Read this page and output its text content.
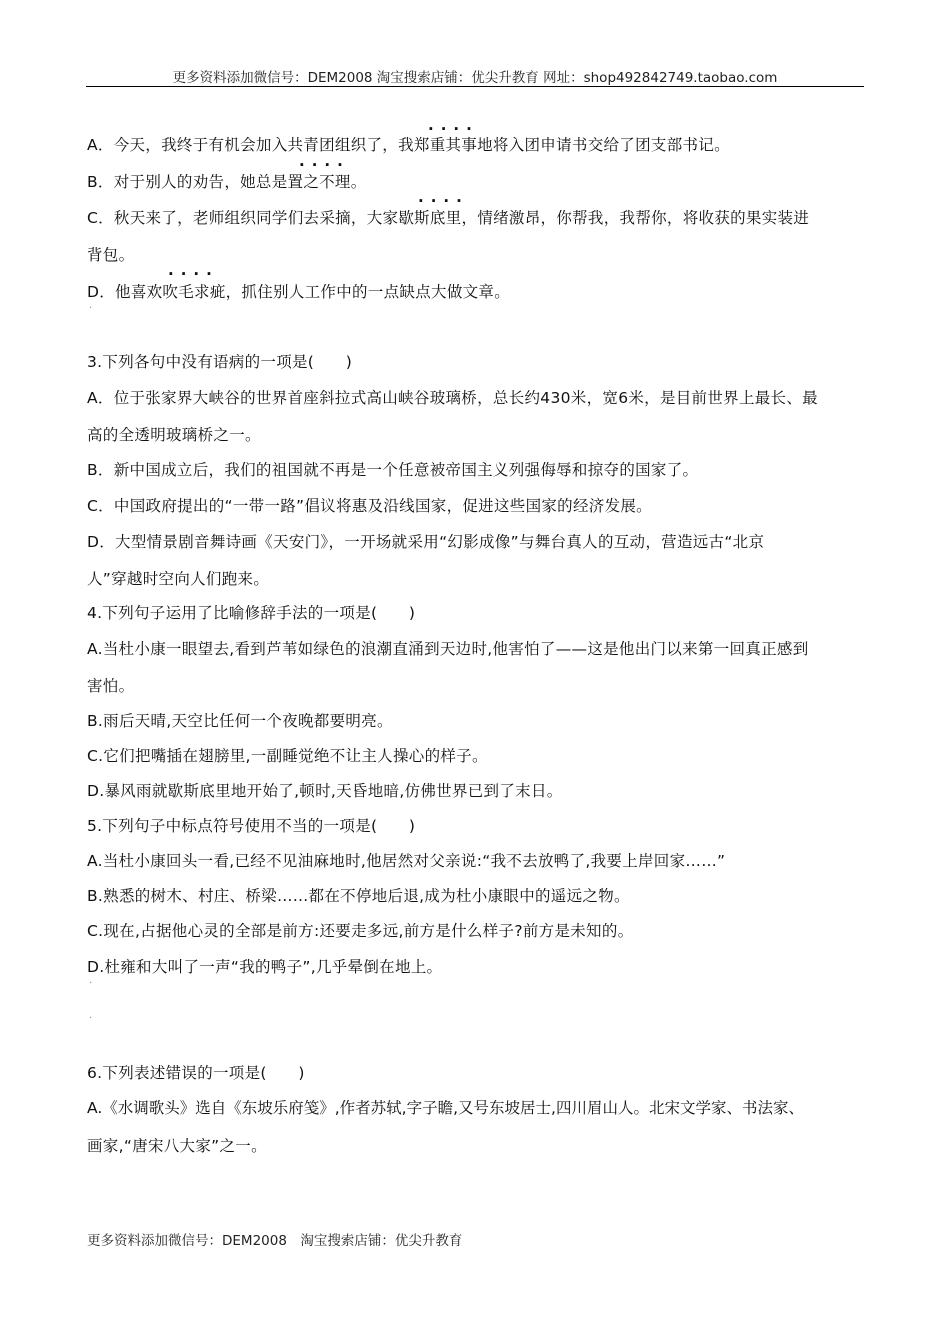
更多资料添加微信号：DEM2008 淘宝搜索店铺：优尖升教育 网址：shop492842749.taobao.com
····
····
····
····
A．今天，我终于有机会加入共青团组织了，我郑重其事地将入团申请书交给了团支部书记。
B．对于别人的劝告，她总是置之不理。
C．秋天来了，老师组织同学们去采摘，大家歇斯底里，情绪激昂，你帮我，我帮你，将收获的果实装进
背包。
D．他喜欢吹毛求疵，抓住别人工作中的一点缺点大做文章。
·
3.下列各句中没有语病的一项是(　　)
A．位于张家界大峡谷的世界首座斜拉式高山峡谷玻璃桥，总长约430米，宽6米，是目前世界上最长、最
高的全透明玻璃桥之一。
B．新中国成立后，我们的祖国就不再是一个任意被帝国主义列强侮辱和掠夺的国家了。
C．中国政府提出的“一带一路”倡议将惠及沿线国家，促进这些国家的经济发展。
D．大型情景剧音舞诗画《天安门》，一开场就采用“幻影成像”与舞台真人的互动，营造远古“北京
人”穿越时空向人们跑来。
4.下列句子运用了比喻修辞手法的一项是(　　)
A.当杜小康一眼望去,看到芦苇如绿色的浪潮直涌到天边时,他害怕了——这是他出门以来第一回真正感到
害怕。
B.雨后天晴,天空比任何一个夜晚都要明亮。
C.它们把嘴插在翅膀里,一副睡觉绝不让主人操心的样子。
D.暴风雨就歇斯底里地开始了,顿时,天昏地暗,仿佛世界已到了末日。
5.下列句子中标点符号使用不当的一项是(　　)
A.当杜小康回头一看,已经不见油麻地时,他居然对父亲说:“我不去放鸭了,我要上岸回家……”
B.熟悉的树木、村庄、桥梁……都在不停地后退,成为杜小康眼中的遥远之物。
C.现在,占据他心灵的全部是前方:还要走多远,前方是什么样子?前方是未知的。
D.杜雍和大叫了一声“我的鸭子”,几乎晕倒在地上。
·
·
6.下列表述错误的一项是(　　)
A.《水调歌头》选自《东坡乐府笺》,作者苏轼,字子瞻,又号东坡居士,四川眉山人。北宋文学家、书法家、
画家,“唐宋八大家”之一。
更多资料添加微信号：DEM2008　淘宝搜索店铺：优尖升教育
